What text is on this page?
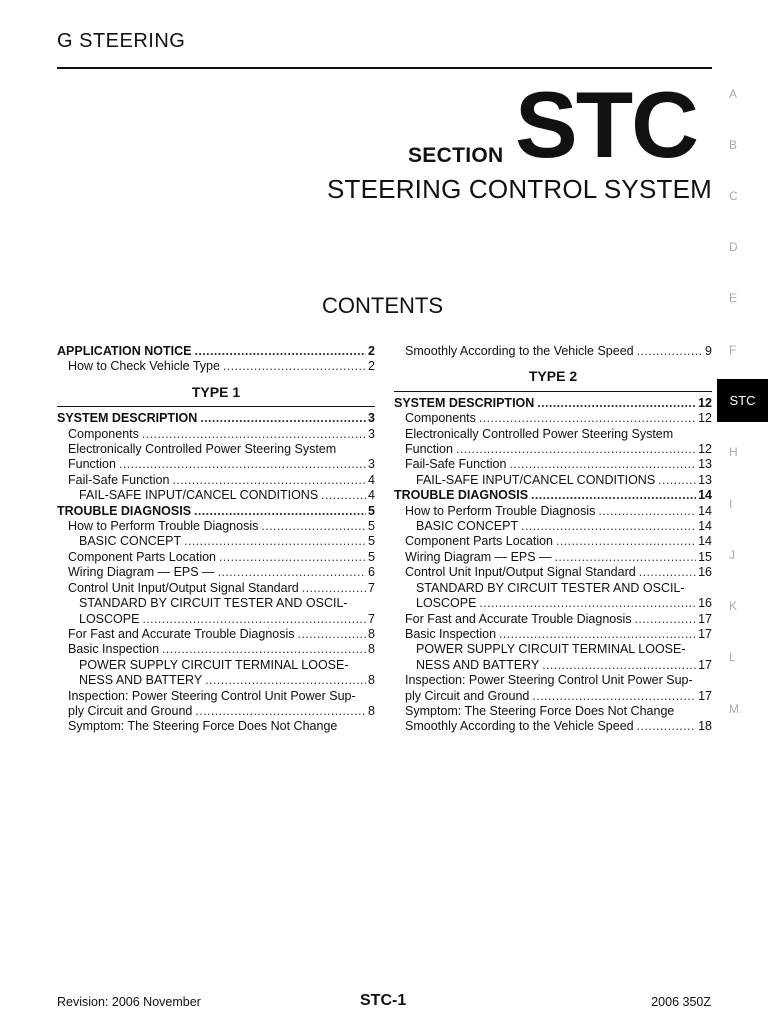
G STEERING
SECTION STC
STEERING CONTROL SYSTEM
CONTENTS
A
B
C
D
E
F
STC
H
I
J
K
L
M
APPLICATION NOTICE .....	2
How to Check Vehicle Type .....	2
TYPE 1
SYSTEM DESCRIPTION .....	3
Components .....	3
Electronically Controlled Power Steering System
Function .....	3
Fail-Safe Function .....	4
FAIL-SAFE INPUT/CANCEL CONDITIONS .....	4
TROUBLE DIAGNOSIS .....	5
How to Perform Trouble Diagnosis .....	5
BASIC CONCEPT .....	5
Component Parts Location .....	5
Wiring Diagram — EPS — .....	6
Control Unit Input/Output Signal Standard .....	7
STANDARD BY CIRCUIT TESTER AND OSCIL-
LOSCOPE .....	7
For Fast and Accurate Trouble Diagnosis .....	8
Basic Inspection .....	8
POWER SUPPLY CIRCUIT TERMINAL LOOSE-
NESS AND BATTERY .....	8
Inspection: Power Steering Control Unit Power Sup-
ply Circuit and Ground .....	8
Symptom: The Steering Force Does Not Change
Smoothly According to the Vehicle Speed .....	9
TYPE 2
SYSTEM DESCRIPTION .....	12
Components .....	12
Electronically Controlled Power Steering System
Function .....	12
Fail-Safe Function .....	13
FAIL-SAFE INPUT/CANCEL CONDITIONS .....	13
TROUBLE DIAGNOSIS .....	14
How to Perform Trouble Diagnosis .....	14
BASIC CONCEPT .....	14
Component Parts Location .....	14
Wiring Diagram — EPS — .....	15
Control Unit Input/Output Signal Standard .....	16
STANDARD BY CIRCUIT TESTER AND OSCIL-
LOSCOPE .....	16
For Fast and Accurate Trouble Diagnosis .....	17
Basic Inspection .....	17
POWER SUPPLY CIRCUIT TERMINAL LOOSE-
NESS AND BATTERY .....	17
Inspection: Power Steering Control Unit Power Sup-
ply Circuit and Ground .....	17
Symptom: The Steering Force Does Not Change
Smoothly According to the Vehicle Speed .....	18
Revision: 2006 November	STC-1	2006 350Z
